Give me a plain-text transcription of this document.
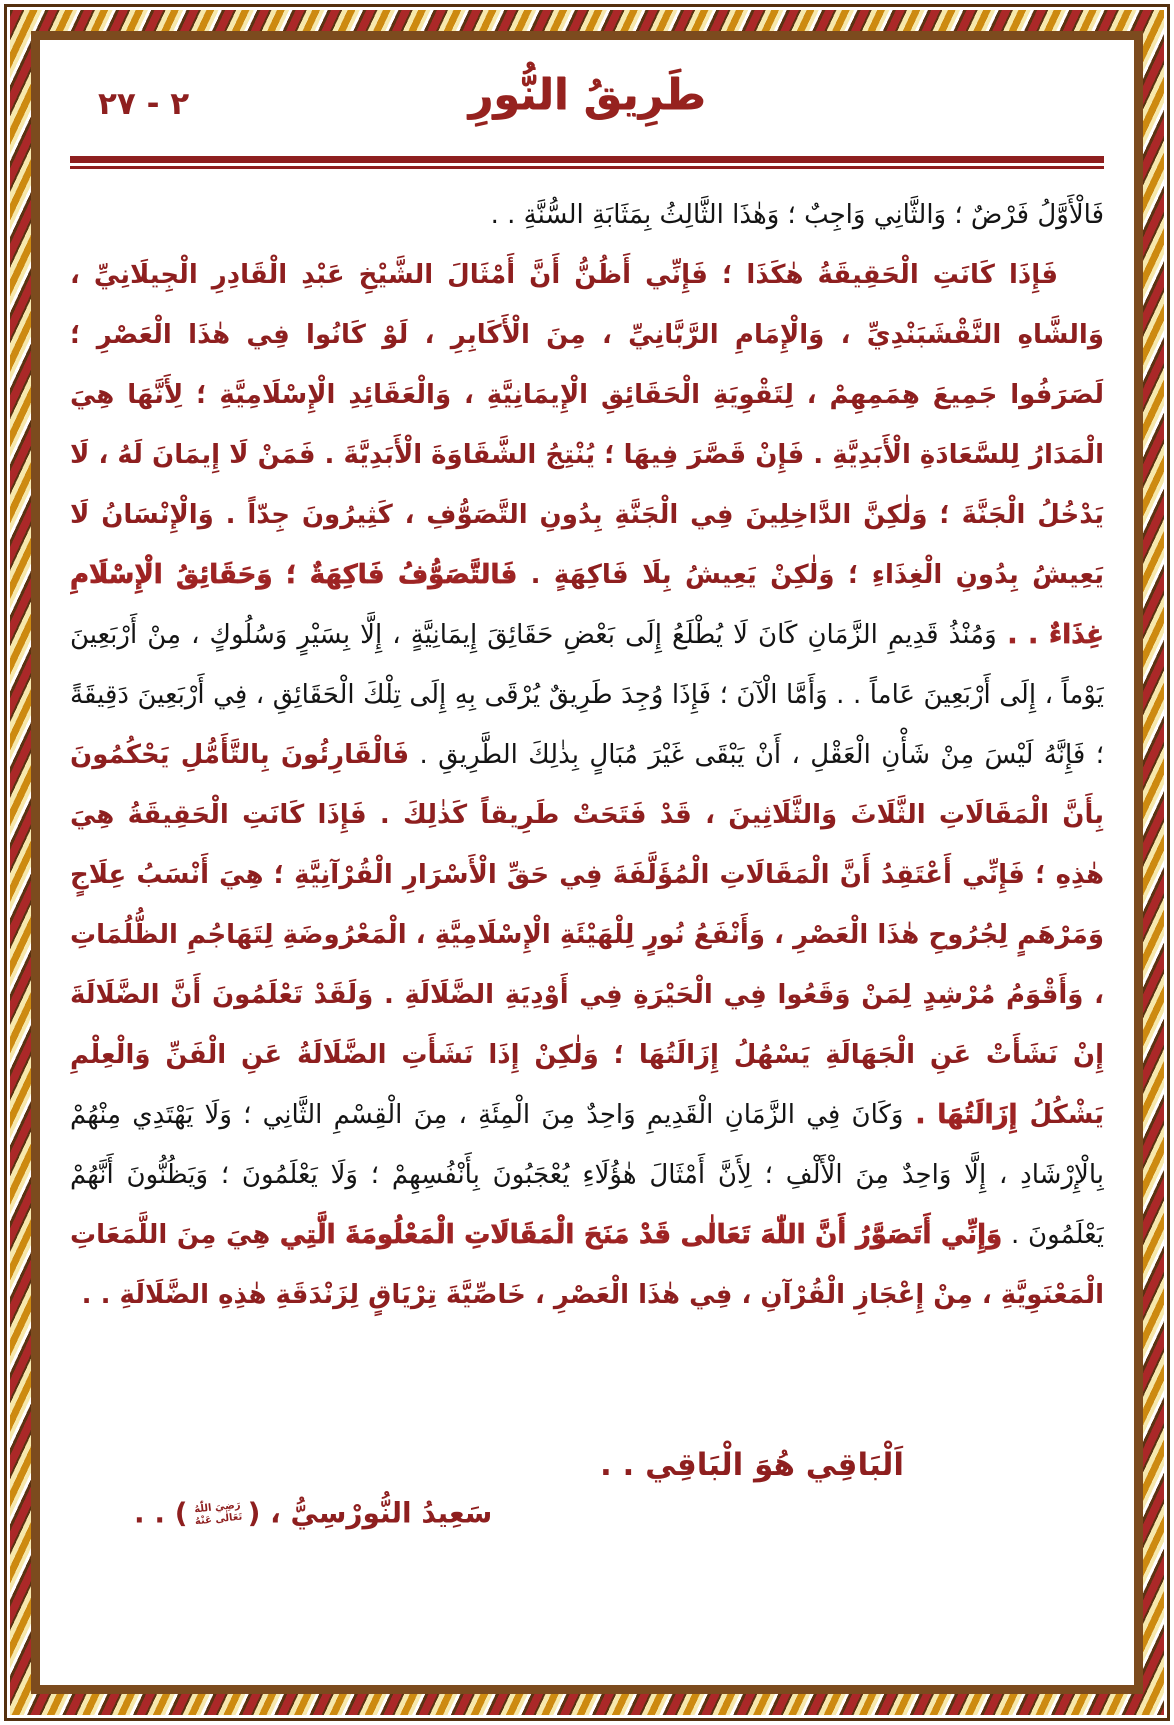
٢ - ٢٧	طَرِيقُ النُّورِ

فَالْأَوَّلُ فَرْضٌ ؛ وَالثَّانِي وَاجِبٌ ؛ وَهٰذَا الثَّالِثُ بِمَثَابَةِ السُّنَّةِ . .

فَإِذَا كَانَتِ الْحَقِيقَةُ هٰكَذَا ؛ فَإِنِّي أَظُنُّ أَنَّ أَمْثَالَ الشَّيْخِ عَبْدِ الْقَادِرِ الْجِيلَانِيِّ ، وَالشَّاهِ النَّقْشَبَنْدِيِّ ، وَالْإِمَامِ الرَّبَّانِيِّ ، مِنَ الْأَكَابِرِ ، لَوْ كَانُوا فِي هٰذَا الْعَصْرِ ؛ لَصَرَفُوا جَمِيعَ هِمَمِهِمْ ، لِتَقْوِيَةِ الْحَقَائِقِ الْإِيمَانِيَّةِ ، وَالْعَقَائِدِ الْإِسْلَامِيَّةِ ؛ لِأَنَّهَا هِيَ الْمَدَارُ لِلسَّعَادَةِ الْأَبَدِيَّةِ . فَإِنْ قَصَّرَ فِيهَا ؛ يُنْتِجُ الشَّقَاوَةَ الْأَبَدِيَّةَ . فَمَنْ لَا إِيمَانَ لَهُ ، لَا يَدْخُلُ الْجَنَّةَ ؛ وَلٰكِنَّ الدَّاخِلِينَ فِي الْجَنَّةِ بِدُونِ التَّصَوُّفِ ، كَثِيرُونَ جِدّاً . وَالْإِنْسَانُ لَا يَعِيشُ بِدُونِ الْغِذَاءِ ؛ وَلٰكِنْ يَعِيشُ بِلَا فَاكِهَةٍ . فَالتَّصَوُّفُ فَاكِهَةٌ ؛ وَحَقَائِقُ الْإِسْلَامِ غِذَاءٌ . . وَمُنْذُ قَدِيمِ الزَّمَانِ كَانَ لَا يُطْلَعُ إِلَى بَعْضِ حَقَائِقَ إِيمَانِيَّةٍ ، إِلَّا بِسَيْرٍ وَسُلُوكٍ ، مِنْ أَرْبَعِينَ يَوْماً ، إِلَى أَرْبَعِينَ عَاماً . . وَأَمَّا الْآنَ ؛ فَإِذَا وُجِدَ طَرِيقٌ يُرْقَى بِهِ إِلَى تِلْكَ الْحَقَائِقِ ، فِي أَرْبَعِينَ دَقِيقَةً ؛ فَإِنَّهُ لَيْسَ مِنْ شَأْنِ الْعَقْلِ ، أَنْ يَبْقَى غَيْرَ مُبَالٍ بِذٰلِكَ الطَّرِيقِ . فَالْقَارِئُونَ بِالتَّأَمُّلِ يَحْكُمُونَ بِأَنَّ الْمَقَالَاتِ الثَّلَاثَ وَالثَّلَاثِينَ ، قَدْ فَتَحَتْ طَرِيقاً كَذٰلِكَ . فَإِذَا كَانَتِ الْحَقِيقَةُ هِيَ هٰذِهِ ؛ فَإِنِّي أَعْتَقِدُ أَنَّ الْمَقَالَاتِ الْمُؤَلَّفَةَ فِي حَقِّ الْأَسْرَارِ الْقُرْآنِيَّةِ ؛ هِيَ أَنْسَبُ عِلَاجٍ وَمَرْهَمٍ لِجُرُوحِ هٰذَا الْعَصْرِ ، وَأَنْفَعُ نُورٍ لِلْهَيْئَةِ الْإِسْلَامِيَّةِ ، الْمَعْرُوضَةِ لِتَهَاجُمِ الظُّلُمَاتِ ، وَأَقْوَمُ مُرْشِدٍ لِمَنْ وَقَعُوا فِي الْحَيْرَةِ فِي أَوْدِيَةِ الضَّلَالَةِ . وَلَقَدْ تَعْلَمُونَ أَنَّ الضَّلَالَةَ إِنْ نَشَأَتْ عَنِ الْجَهَالَةِ يَسْهُلُ إِزَالَتُهَا ؛ وَلٰكِنْ إِذَا نَشَأَتِ الضَّلَالَةُ عَنِ الْفَنِّ وَالْعِلْمِ يَشْكُلُ إِزَالَتُهَا . وَكَانَ فِي الزَّمَانِ الْقَدِيمِ وَاحِدٌ مِنَ الْمِئَةِ ، مِنَ الْقِسْمِ الثَّانِي ؛ وَلَا يَهْتَدِي مِنْهُمْ بِالْإِرْشَادِ ، إِلَّا وَاحِدٌ مِنَ الْأَلْفِ ؛ لِأَنَّ أَمْثَالَ هٰؤُلَاءِ يُعْجَبُونَ بِأَنْفُسِهِمْ ؛ وَلَا يَعْلَمُونَ ؛ وَيَظُنُّونَ أَنَّهُمْ يَعْلَمُونَ . وَإِنِّي أَتَصَوَّرُ أَنَّ اللّٰهَ تَعَالٰى قَدْ مَنَحَ الْمَقَالَاتِ الْمَعْلُومَةَ الَّتِي هِيَ مِنَ اللَّمَعَاتِ الْمَعْنَوِيَّةِ ، مِنْ إِعْجَازِ الْقُرْآنِ ، فِي هٰذَا الْعَصْرِ ، خَاصِّيَّةَ تِرْيَاقٍ لِزَنْدَقَةِ هٰذِهِ الضَّلَالَةِ . .

اَلْبَاقِي هُوَ الْبَاقِي . .
سَعِيدُ النُّورْسِيُّ ، (رَضِيَ اللّٰهُ
تَعَالٰى عَنْهُ) . .
